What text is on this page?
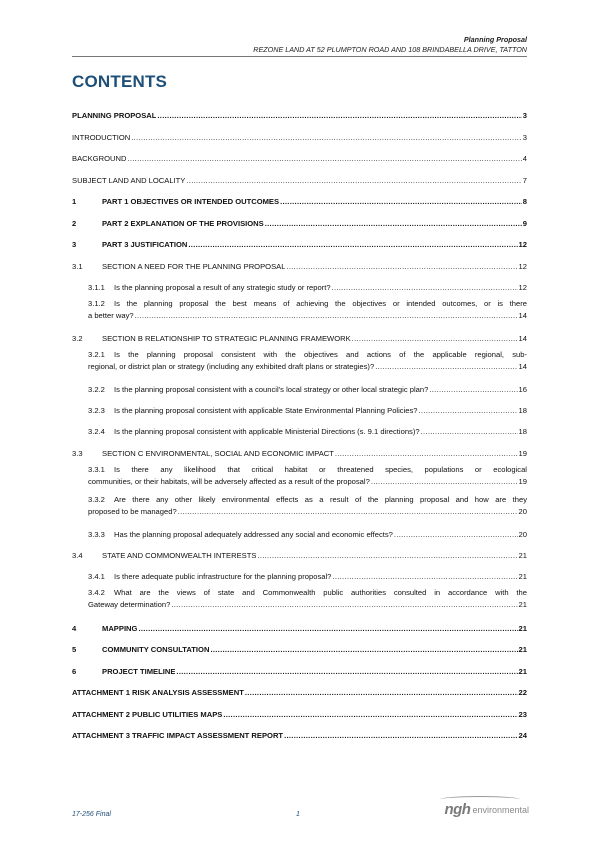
Planning Proposal
REZONE LAND AT 52 PLUMPTON ROAD AND 108 BRINDABELLA DRIVE, TATTON
CONTENTS
PLANNING PROPOSAL .....	3
INTRODUCTION .....	3
BACKGROUND .....	4
SUBJECT LAND AND LOCALITY .....	7
1	PART 1 OBJECTIVES OR INTENDED OUTCOMES .....	8
2	PART 2 EXPLANATION OF THE PROVISIONS .....	9
3	PART 3 JUSTIFICATION .....	12
3.1	SECTION A NEED FOR THE PLANNING PROPOSAL .....	12
3.1.1	Is the planning proposal a result of any strategic study or report? .....	12
3.1.2 Is the planning proposal the best means of achieving the objectives or intended outcomes, or is there
a better way? .....	14
3.2	SECTION B RELATIONSHIP TO STRATEGIC PLANNING FRAMEWORK .....	14
3.2.1 Is the planning proposal consistent with the objectives and actions of the applicable regional, sub-
regional, or district plan or strategy (including any exhibited draft plans or strategies)? .....	14
3.2.2	Is the planning proposal consistent with a council’s local strategy or other local strategic plan? .....	16
3.2.3	Is the planning proposal consistent with applicable State Environmental Planning Policies? .....	18
3.2.4	Is the planning proposal consistent with applicable Ministerial Directions (s. 9.1 directions)? .....	18
3.3	SECTION C ENVIRONMENTAL, SOCIAL AND ECONOMIC IMPACT .....	19
3.3.1 Is there any likelihood that critical habitat or threatened species, populations or ecological
communities, or their habitats, will be adversely affected as a result of the proposal? .....	19
3.3.2 Are there any other likely environmental effects as a result of the planning proposal and how are they
proposed to be managed? .....	20
3.3.3	Has the planning proposal adequately addressed any social and economic effects? .....	20
3.4	STATE AND COMMONWEALTH INTERESTS .....	21
3.4.1	Is there adequate public infrastructure for the planning proposal? .....	21
3.4.2 What are the views of state and Commonwealth public authorities consulted in accordance with the
Gateway determination? .....	21
4	MAPPING .....	21
5	COMMUNITY CONSULTATION .....	21
6	PROJECT TIMELINE .....	21
ATTACHMENT 1 RISK ANALYSIS ASSESSMENT .....	22
ATTACHMENT 2 PUBLIC UTILITIES MAPS .....	23
ATTACHMENT 3 TRAFFIC IMPACT ASSESSMENT REPORT .....	24
17-256 Final	1	ngh environmental
